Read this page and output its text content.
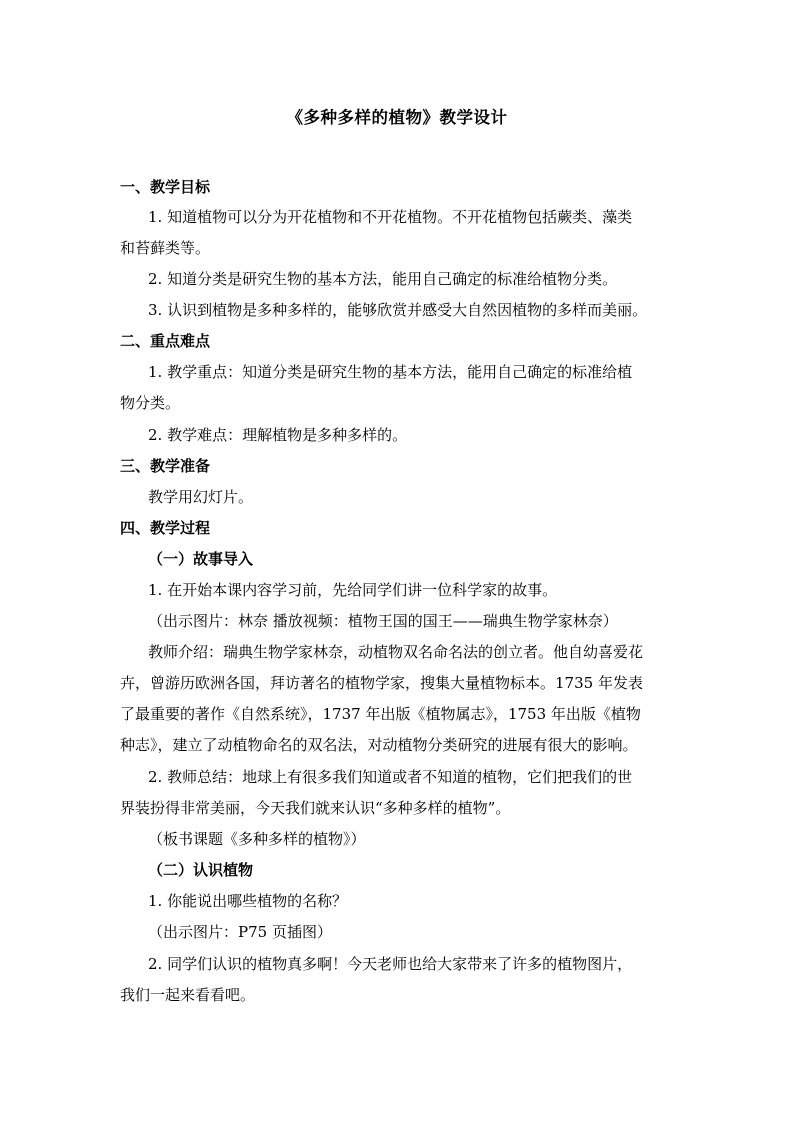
《多种多样的植物》教学设计
一、教学目标
1. 知道植物可以分为开花植物和不开花植物。不开花植物包括蕨类、藻类
和苔藓类等。
2. 知道分类是研究生物的基本方法，能用自己确定的标准给植物分类。
3. 认识到植物是多种多样的，能够欣赏并感受大自然因植物的多样而美丽。
二、重点难点
1. 教学重点：知道分类是研究生物的基本方法，能用自己确定的标准给植
物分类。
2. 教学难点：理解植物是多种多样的。
三、教学准备
教学用幻灯片。
四、教学过程
（一）故事导入
1. 在开始本课内容学习前，先给同学们讲一位科学家的故事。
（出示图片：林奈 播放视频：植物王国的国王——瑞典生物学家林奈）
教师介绍：瑞典生物学家林奈，动植物双名命名法的创立者。他自幼喜爱花
卉，曾游历欧洲各国，拜访著名的植物学家，搜集大量植物标本。1735 年发表
了最重要的著作《自然系统》，1737 年出版《植物属志》，1753 年出版《植物
种志》，建立了动植物命名的双名法，对动植物分类研究的进展有很大的影响。
2. 教师总结：地球上有很多我们知道或者不知道的植物，它们把我们的世
界装扮得非常美丽，今天我们就来认识“多种多样的植物”。
（板书课题《多种多样的植物》）
（二）认识植物
1. 你能说出哪些植物的名称？
（出示图片：P75 页插图）
2. 同学们认识的植物真多啊！今天老师也给大家带来了许多的植物图片，
我们一起来看看吧。
